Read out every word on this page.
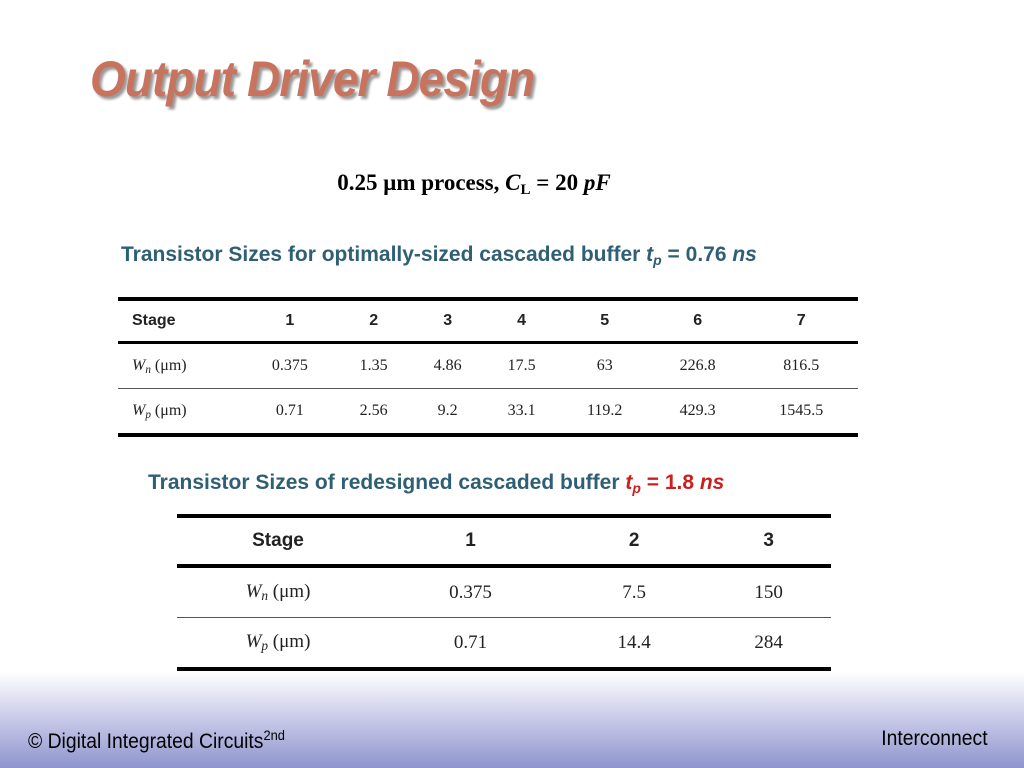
Output Driver Design
0.25 μm process, $C_L = 20$ pF
Transistor Sizes for optimally-sized cascaded buffer $t_p = 0.76$ ns
Stage	1	2	3	4	5	6	7
$W_n$ (μm)	0.375	1.35	4.86	17.5	63	226.8	816.5
$W_p$ (μm)	0.71	2.56	9.2	33.1	119.2	429.3	1545.5
Transistor Sizes of redesigned cascaded buffer $t_p = 1.8$ ns
Stage	1	2	3
$W_n$ (μm)	0.375	7.5	150
$W_p$ (μm)	0.71	14.4	284
© Digital Integrated Circuits$^{2nd}$	Interconnect
